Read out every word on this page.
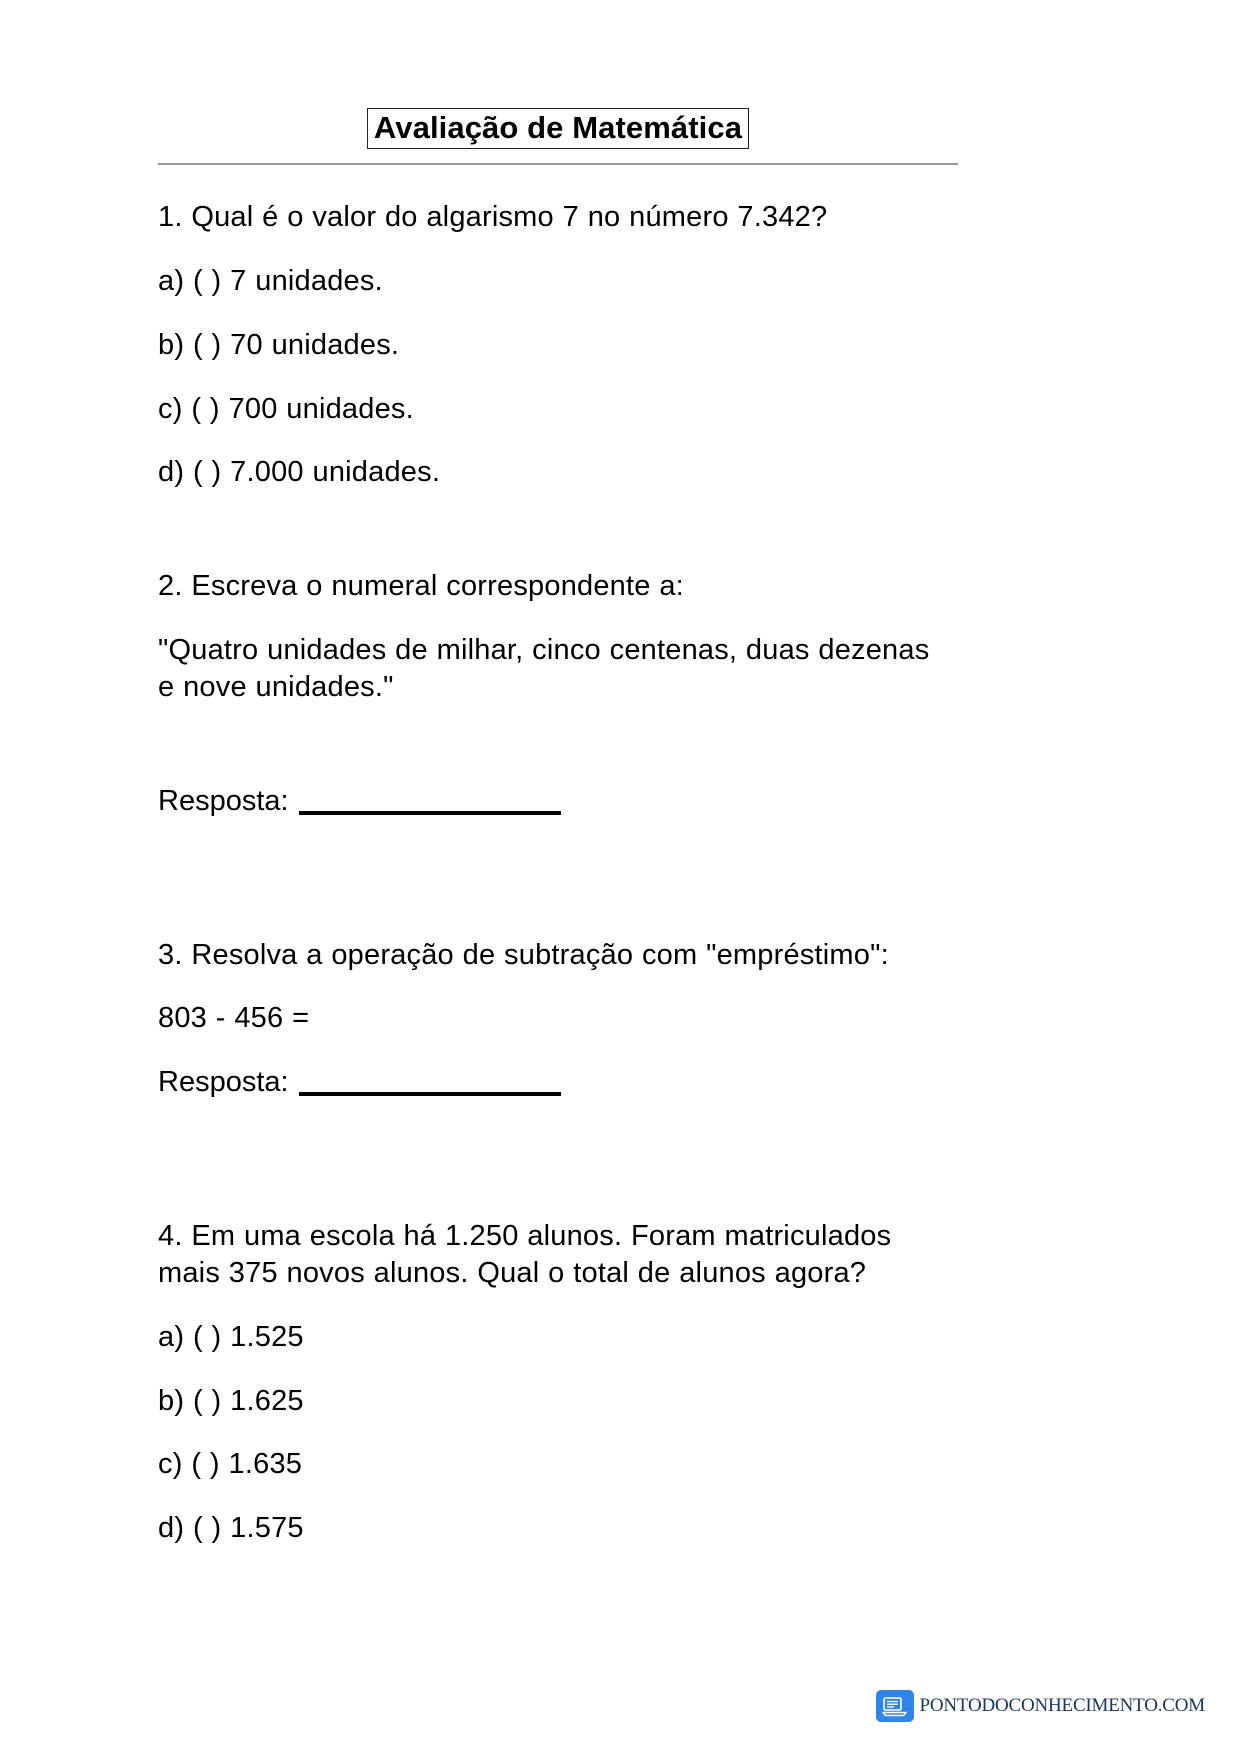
Avaliação de Matemática

1. Qual é o valor do algarismo 7 no número 7.342?

a) ( ) 7 unidades.

b) ( ) 70 unidades.

c) ( ) 700 unidades.

d) ( ) 7.000 unidades.

2. Escreva o numeral correspondente a:

"Quatro unidades de milhar, cinco centenas, duas dezenas e nove unidades."

Resposta:

3. Resolva a operação de subtração com "empréstimo":

803 - 456 =

Resposta:

4. Em uma escola há 1.250 alunos. Foram matriculados mais 375 novos alunos. Qual o total de alunos agora?

a) ( ) 1.525

b) ( ) 1.625

c) ( ) 1.635

d) ( ) 1.575

PONTODOCONHECIMENTO.COM
